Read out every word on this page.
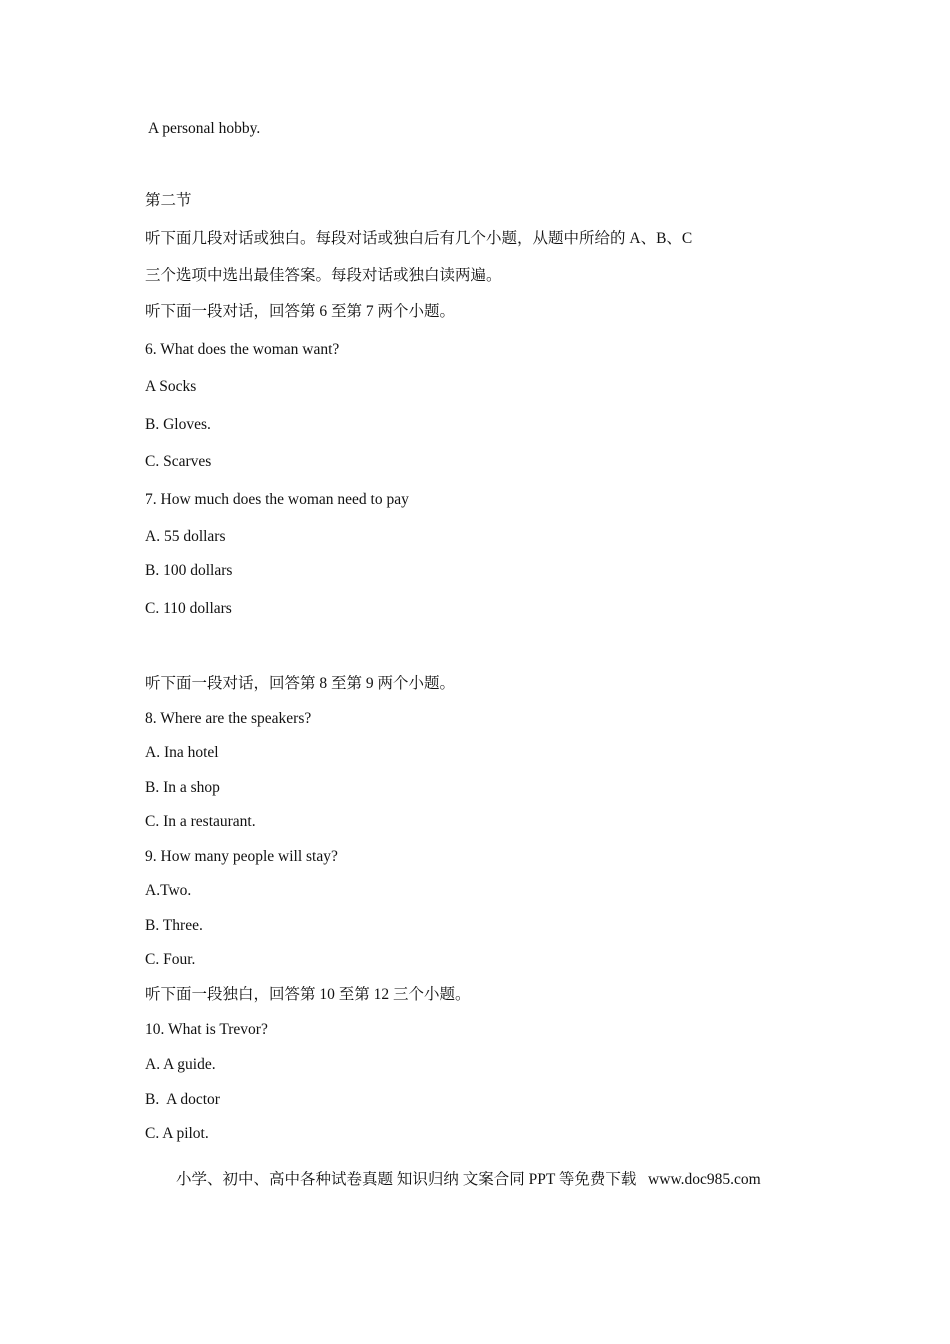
A personal hobby.
第二节
听下面几段对话或独白。每段对话或独白后有几个小题，从题中所给的 A、B、C
三个选项中选出最佳答案。每段对话或独白读两遍。
听下面一段对话，回答第 6 至第 7 两个小题。
6. What does the woman want?
A Socks
B. Gloves.
C. Scarves
7. How much does the woman need to pay
A. 55 dollars
B. 100 dollars
C. 110 dollars
听下面一段对话，回答第 8 至第 9 两个小题。
8. Where are the speakers?
A. Ina hotel
B. In a shop
C. In a restaurant.
9. How many people will stay?
A.Two.
B. Three.
C. Four.
听下面一段独白，回答第 10 至第 12 三个小题。
10. What is Trevor?
A. A guide.
B.  A doctor
C. A pilot.
小学、初中、高中各种试卷真题 知识归纳 文案合同 PPT 等免费下载   www.doc985.com
